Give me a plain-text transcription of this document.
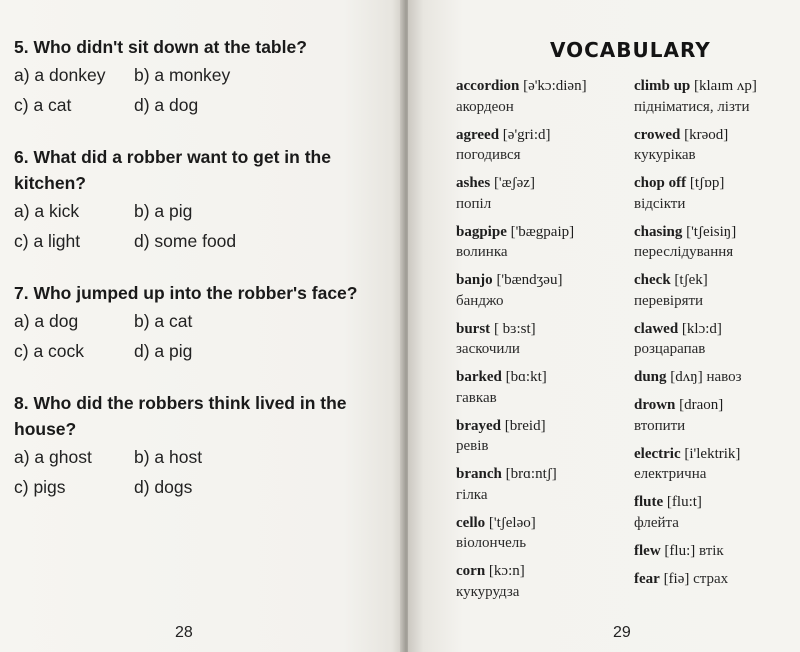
5. Who didn't sit down at the table?
a) a donkey	b) a monkey
c) a cat	d) a dog
6. What did a robber want to get in the kitchen?
a) a kick	b) a pig
c) a light	d) some food
7. Who jumped up into the robber's face?
a) a dog	b) a cat
c) a cock	d) a pig
8. Who did the robbers think lived in the house?
a) a ghost	b) a host
c) pigs	d) dogs
28
VOCABULARY
accordion [ə'kɔ:diən]
акордеон
agreed [ə'gri:d]
погодився
ashes ['æʃəz]
попіл
bagpipe ['bægpaip]
волинка
banjo ['bændʒəu]
банджо
burst [ bɜ:st]
заскочили
barked [bɑ:kt]
гавкав
brayed [breid]
ревів
branch [brɑ:ntʃ]
гілка
cello ['tʃeləo]
віолончель
corn [kɔ:n]
кукурудза
climb up [klaım ʌp] підніматися, лізти
crowed [krəod]
кукурікав
chop off [tʃɒp]
відсікти
chasing ['tʃeisiŋ]
переслідування
check [tʃek]
перевіряти
clawed [klɔ:d]
розцарапав
dung [dʌŋ] навоз
drown [draon]
втопити
electric [i'lektrik]
електрична
flute [flu:t]
флейта
flew [flu:] втік
fear [fiə] страх
29
